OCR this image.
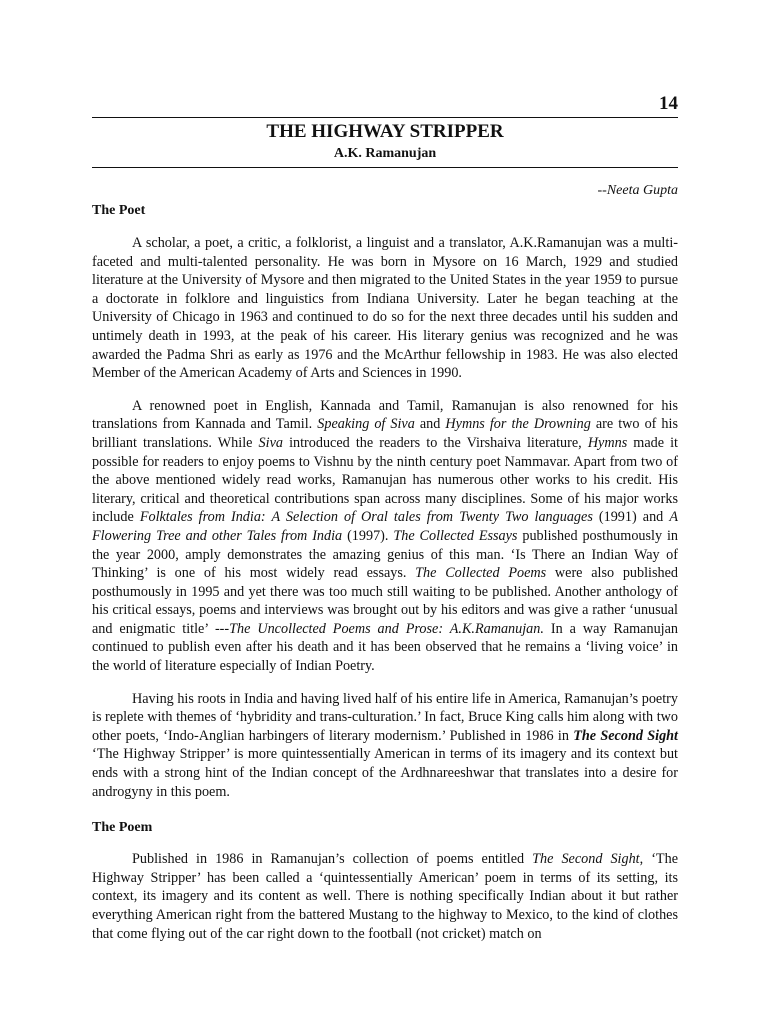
14
THE HIGHWAY STRIPPER
A.K. Ramanujan
--Neeta Gupta
The Poet

A scholar, a poet, a critic, a folklorist, a linguist and a translator, A.K.Ramanujan was a multi-faceted and multi-talented personality. He was born in Mysore on 16 March, 1929 and studied literature at the University of Mysore and then migrated to the United States in the year 1959 to pursue a doctorate in folklore and linguistics from Indiana University. Later he began teaching at the University of Chicago in 1963 and continued to do so for the next three decades until his sudden and untimely death in 1993, at the peak of his career. His literary genius was recognized and he was awarded the Padma Shri as early as 1976 and the McArthur fellowship in 1983. He was also elected Member of the American Academy of Arts and Sciences in 1990.

A renowned poet in English, Kannada and Tamil, Ramanujan is also renowned for his translations from Kannada and Tamil. Speaking of Siva and Hymns for the Drowning are two of his brilliant translations. While Siva introduced the readers to the Virshaiva literature, Hymns made it possible for readers to enjoy poems to Vishnu by the ninth century poet Nammavar. Apart from two of the above mentioned widely read works, Ramanujan has numerous other works to his credit. His literary, critical and theoretical contributions span across many disciplines. Some of his major works include Folktales from India: A Selection of Oral tales from Twenty Two languages (1991) and A Flowering Tree and other Tales from India (1997). The Collected Essays published posthumously in the year 2000, amply demonstrates the amazing genius of this man. ‘Is There an Indian Way of Thinking’ is one of his most widely read essays. The Collected Poems were also published posthumously in 1995 and yet there was too much still waiting to be published. Another anthology of his critical essays, poems and interviews was brought out by his editors and was give a rather ‘unusual and enigmatic title’ ---The Uncollected Poems and Prose: A.K.Ramanujan. In a way Ramanujan continued to publish even after his death and it has been observed that he remains a ‘living voice’ in the world of literature especially of Indian Poetry.

Having his roots in India and having lived half of his entire life in America, Ramanujan’s poetry is replete with themes of ‘hybridity and trans-culturation.’ In fact, Bruce King calls him along with two other poets, ‘Indo-Anglian harbingers of literary modernism.’ Published in 1986 in The Second Sight ‘The Highway Stripper’ is more quintessentially American in terms of its imagery and its context but ends with a strong hint of the Indian concept of the Ardhnareeshwar that translates into a desire for androgyny in this poem.

The Poem

Published in 1986 in Ramanujan’s collection of poems entitled The Second Sight, ‘The Highway Stripper’ has been called a ‘quintessentially American’ poem in terms of its setting, its context, its imagery and its content as well. There is nothing specifically Indian about it but rather everything American right from the battered Mustang to the highway to Mexico, to the kind of clothes that come flying out of the car right down to the football (not cricket) match on
